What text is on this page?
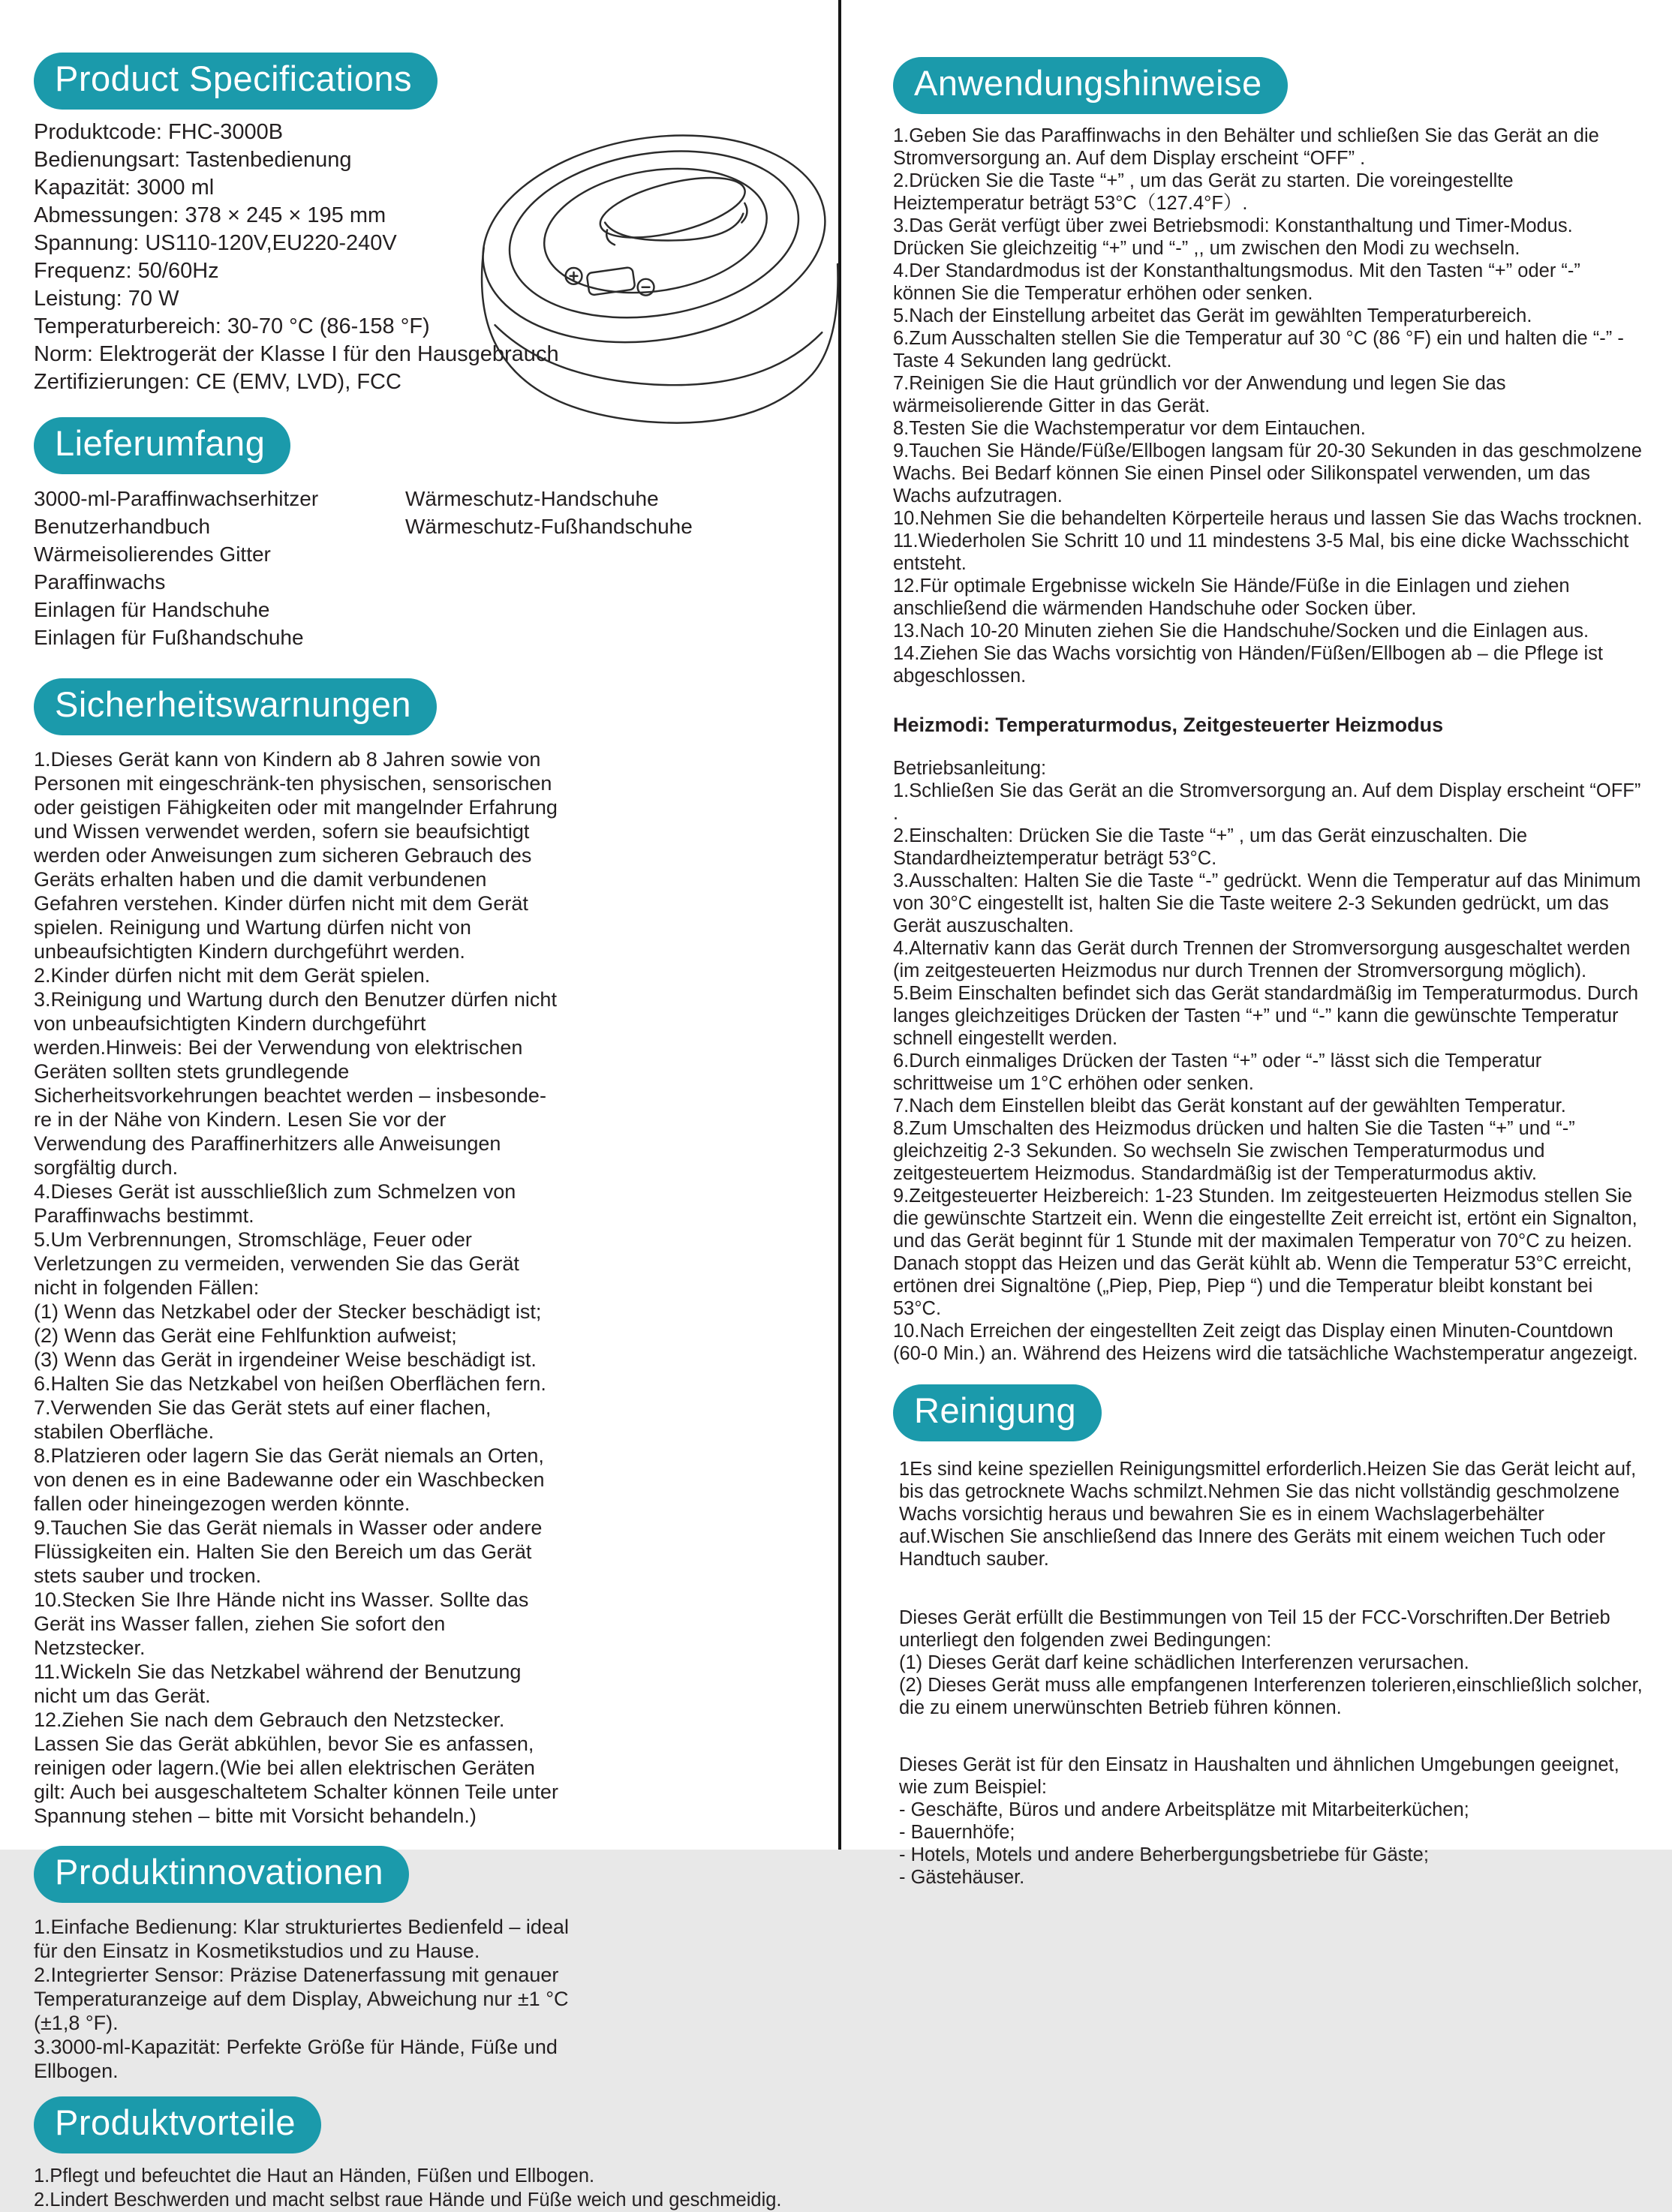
Product Specifications

Produktcode: FHC-3000B

Bedienungsart: Tastenbedienung

Kapazität: 3000 ml

Abmessungen: 378 × 245 × 195 mm

Spannung: US110-120V,EU220-240V

Frequenz: 50/60Hz

Leistung: 70 W

Temperaturbereich: 30-70 °C (86-158 °F)

Norm: Elektrogerät der Klasse I für den Hausgebrauch

Zertifizierungen: CE (EMV, LVD), FCC

Lieferumfang

3000-ml-Paraffinwachserhitzer

Benutzerhandbuch

Wärmeisolierendes Gitter

Paraffinwachs

Einlagen für Handschuhe

Einlagen für Fußhandschuhe

Wärmeschutz-Handschuhe

Wärmeschutz-Fußhandschuhe

Sicherheitswarnungen

1.Dieses Gerät kann von Kindern ab 8 Jahren sowie von Personen mit eingeschränk-ten physischen, sensorischen oder geistigen Fähigkeiten oder mit mangelnder Erfahrung und Wissen verwendet werden, sofern sie beaufsichtigt werden oder Anweisungen zum sicheren Gebrauch des Geräts erhalten haben und die damit verbundenen Gefahren verstehen. Kinder dürfen nicht mit dem Gerät spielen. Reinigung und Wartung dürfen nicht von unbeaufsichtigten Kindern durchgeführt werden.

2.Kinder dürfen nicht mit dem Gerät spielen.

3.Reinigung und Wartung durch den Benutzer dürfen nicht von unbeaufsichtigten Kindern durchgeführt werden.Hinweis: Bei der Verwendung von elektrischen Geräten sollten stets grundlegende Sicherheitsvorkehrungen beachtet werden – insbesonde-re in der Nähe von Kindern. Lesen Sie vor der Verwendung des Paraffinerhitzers alle Anweisungen sorgfältig durch.

4.Dieses Gerät ist ausschließlich zum Schmelzen von Paraffinwachs bestimmt.

5.Um Verbrennungen, Stromschläge, Feuer oder Verletzungen zu vermeiden, verwenden Sie das Gerät nicht in folgenden Fällen:

(1) Wenn das Netzkabel oder der Stecker beschädigt ist;

(2) Wenn das Gerät eine Fehlfunktion aufweist;

(3) Wenn das Gerät in irgendeiner Weise beschädigt ist.

6.Halten Sie das Netzkabel von heißen Oberflächen fern.

7.Verwenden Sie das Gerät stets auf einer flachen, stabilen Oberfläche.

8.Platzieren oder lagern Sie das Gerät niemals an Orten, von denen es in eine Badewanne oder ein Waschbecken fallen oder hineingezogen werden könnte.

9.Tauchen Sie das Gerät niemals in Wasser oder andere Flüssigkeiten ein. Halten Sie den Bereich um das Gerät stets sauber und trocken.

10.Stecken Sie Ihre Hände nicht ins Wasser. Sollte das Gerät ins Wasser fallen, ziehen Sie sofort den Netzstecker.

11.Wickeln Sie das Netzkabel während der Benutzung nicht um das Gerät.

12.Ziehen Sie nach dem Gebrauch den Netzstecker. Lassen Sie das Gerät abkühlen, bevor Sie es anfassen, reinigen oder lagern.(Wie bei allen elektrischen Geräten gilt: Auch bei ausgeschaltetem Schalter können Teile unter Spannung stehen – bitte mit Vorsicht behandeln.)

Produktinnovationen

1.Einfache Bedienung: Klar strukturiertes Bedienfeld – ideal für den Einsatz in Kosmetikstudios und zu Hause.

2.Integrierter Sensor: Präzise Datenerfassung mit genauer Temperaturanzeige auf dem Display, Abweichung nur ±1 °C (±1,8 °F).

3.3000-ml-Kapazität: Perfekte Größe für Hände, Füße und Ellbogen.

Produktvorteile

1.Pflegt und befeuchtet die Haut an Händen, Füßen und Ellbogen.

2.Lindert Beschwerden und macht selbst raue Hände und Füße weich und geschmeidig.

Anwendungshinweise

1.Geben Sie das Paraffinwachs in den Behälter und schließen Sie das Gerät an die Stromversorgung an. Auf dem Display erscheint “OFF” .

2.Drücken Sie die Taste “+” , um das Gerät zu starten. Die voreingestellte Heiztemperatur beträgt 53°C（127.4°F）.

3.Das Gerät verfügt über zwei Betriebsmodi: Konstanthaltung und Timer-Modus. Drücken Sie gleichzeitig “+” und “-” ,, um zwischen den Modi zu wechseln.

4.Der Standardmodus ist der Konstanthaltungsmodus. Mit den Tasten “+” oder “-” können Sie die Temperatur erhöhen oder senken.

5.Nach der Einstellung arbeitet das Gerät im gewählten Temperaturbereich.

6.Zum Ausschalten stellen Sie die Temperatur auf 30 °C (86 °F) ein und halten die “-” -Taste 4 Sekunden lang gedrückt.

7.Reinigen Sie die Haut gründlich vor der Anwendung und legen Sie das wärmeisolierende Gitter in das Gerät.

8.Testen Sie die Wachstemperatur vor dem Eintauchen.

9.Tauchen Sie Hände/Füße/Ellbogen langsam für 20-30 Sekunden in das geschmolzene Wachs. Bei Bedarf können Sie einen Pinsel oder Silikonspatel verwenden, um das Wachs aufzutragen.

10.Nehmen Sie die behandelten Körperteile heraus und lassen Sie das Wachs trocknen.

11.Wiederholen Sie Schritt 10 und 11 mindestens 3-5 Mal, bis eine dicke Wachsschicht entsteht.

12.Für optimale Ergebnisse wickeln Sie Hände/Füße in die Einlagen und ziehen anschließend die wärmenden Handschuhe oder Socken über.

13.Nach 10-20 Minuten ziehen Sie die Handschuhe/Socken und die Einlagen aus.

14.Ziehen Sie das Wachs vorsichtig von Händen/Füßen/Ellbogen ab – die Pflege ist abgeschlossen.

Heizmodi: Temperaturmodus, Zeitgesteuerter Heizmodus

Betriebsanleitung:

1.Schließen Sie das Gerät an die Stromversorgung an. Auf dem Display erscheint “OFF” .

2.Einschalten: Drücken Sie die Taste “+” , um das Gerät einzuschalten. Die Standardheiztemperatur beträgt 53°C.

3.Ausschalten: Halten Sie die Taste “-” gedrückt. Wenn die Temperatur auf das Minimum von 30°C eingestellt ist, halten Sie die Taste weitere 2-3 Sekunden gedrückt, um das Gerät auszuschalten.

4.Alternativ kann das Gerät durch Trennen der Stromversorgung ausgeschaltet werden (im zeitgesteuerten Heizmodus nur durch Trennen der Stromversorgung möglich).

5.Beim Einschalten befindet sich das Gerät standardmäßig im Temperaturmodus. Durch langes gleichzeitiges Drücken der Tasten “+” und “-” kann die gewünschte Temperatur schnell eingestellt werden.

6.Durch einmaliges Drücken der Tasten “+” oder “-” lässt sich die Temperatur schrittweise um 1°C erhöhen oder senken.

7.Nach dem Einstellen bleibt das Gerät konstant auf der gewählten Temperatur.

8.Zum Umschalten des Heizmodus drücken und halten Sie die Tasten “+” und “-” gleichzeitig 2-3 Sekunden. So wechseln Sie zwischen Temperaturmodus und zeitgesteuertem Heizmodus. Standardmäßig ist der Temperaturmodus aktiv.

9.Zeitgesteuerter Heizbereich: 1-23 Stunden. Im zeitgesteuerten Heizmodus stellen Sie die gewünschte Startzeit ein. Wenn die eingestellte Zeit erreicht ist, ertönt ein Signalton, und das Gerät beginnt für 1 Stunde mit der maximalen Temperatur von 70°C zu heizen. Danach stoppt das Heizen und das Gerät kühlt ab. Wenn die Temperatur 53°C erreicht, ertönen drei Signaltöne („Piep, Piep, Piep “) und die Temperatur bleibt konstant bei 53°C.

10.Nach Erreichen der eingestellten Zeit zeigt das Display einen Minuten-Countdown (60-0 Min.) an. Während des Heizens wird die tatsächliche Wachstemperatur angezeigt.

Reinigung

1Es sind keine speziellen Reinigungsmittel erforderlich.Heizen Sie das Gerät leicht auf, bis das getrocknete Wachs schmilzt.Nehmen Sie das nicht vollständig geschmolzene Wachs vorsichtig heraus und bewahren Sie es in einem Wachslagerbehälter auf.Wischen Sie anschließend das Innere des Geräts mit einem weichen Tuch oder Handtuch sauber.

Dieses Gerät erfüllt die Bestimmungen von Teil 15 der FCC-Vorschriften.Der Betrieb unterliegt den folgenden zwei Bedingungen:

(1) Dieses Gerät darf keine schädlichen Interferenzen verursachen.

(2) Dieses Gerät muss alle empfangenen Interferenzen tolerieren,einschließlich solcher, die zu einem unerwünschten Betrieb führen können.

Dieses Gerät ist für den Einsatz in Haushalten und ähnlichen Umgebungen geeignet, wie zum Beispiel:

- Geschäfte, Büros und andere Arbeitsplätze mit Mitarbeiterküchen;

- Bauernhöfe;

- Hotels, Motels und andere Beherbergungsbetriebe für Gäste;

- Gästehäuser.
